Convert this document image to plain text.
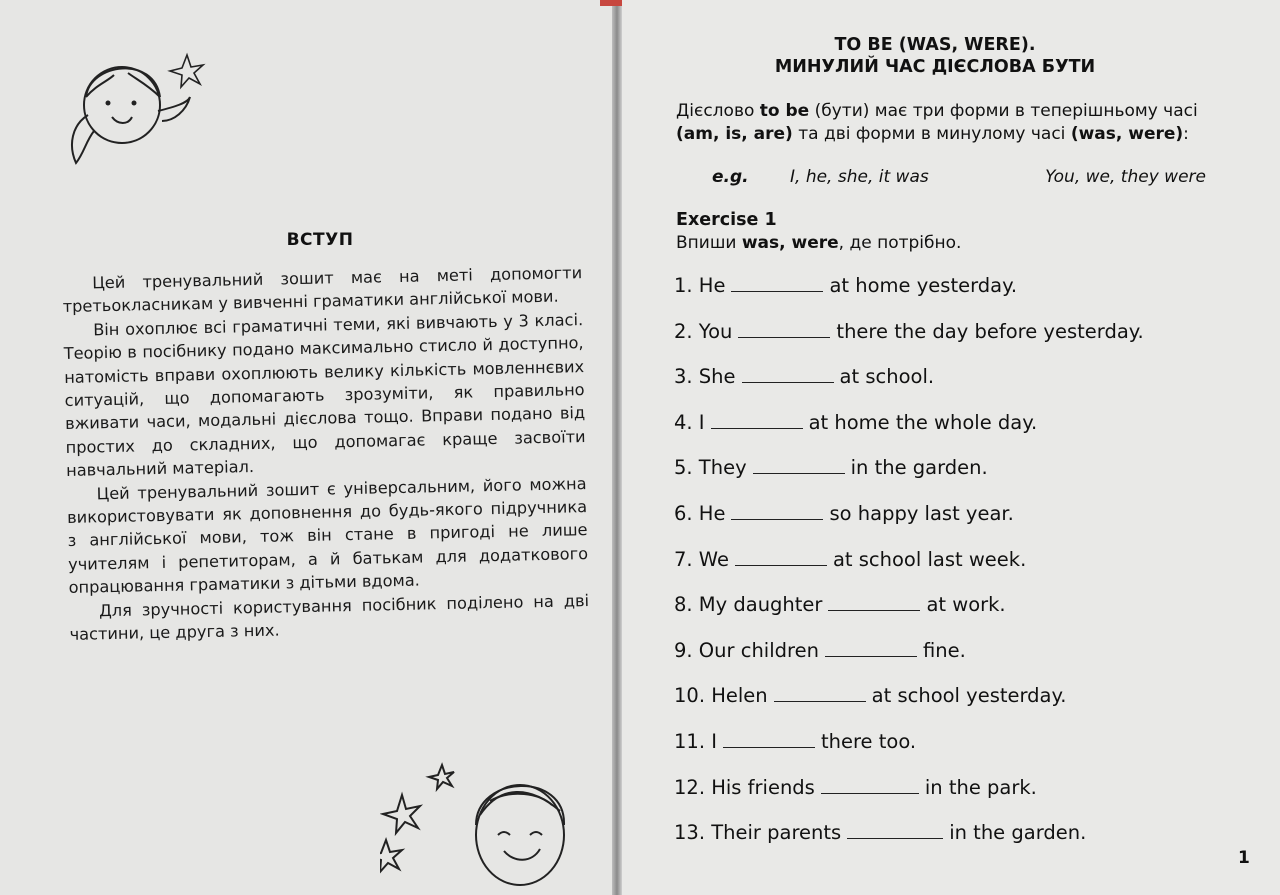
ВСТУП

Цей тренувальний зошит має на меті допомогти третьокласникам у вивченні граматики англійської мови.

Він охоплює всі граматичні теми, які вивчають у 3 класі. Теорію в посібнику подано максимально стисло й доступно, натомість вправи охоплюють велику кількість мовленнєвих ситуацій, що допомагають зрозуміти, як правильно вживати часи, модальні дієслова тощо. Вправи подано від простих до складних, що допомагає краще засвоїти навчальний матеріал.

Цей тренувальний зошит є універсальним, його можна використовувати як доповнення до будь-якого підручника з англійської мови, тож він стане в пригоді не лише учителям і репетиторам, а й батькам для додаткового опрацювання граматики з дітьми вдома.

Для зручності користування посібник поділено на дві частини, це друга з них.

TO BE (WAS, WERE).
МИНУЛИЙ ЧАС ДІЄСЛОВА БУТИ
Дієслово to be (бути) має три форми в теперішньому часі (am, is, are) та дві форми в минулому часі (was, were):
e.g. I, he, she, it was	You, we, they were
Exercise 1
Впиши was, were, де потрібно.
1. He	at home yesterday.
2. You	there the day before yesterday.
3. She	at school.
4. I	at home the whole day.
5. They	in the garden.
6. He	so happy last year.
7. We	at school last week.
8. My daughter	at work.
9. Our children	fine.
10. Helen	at school yesterday.
11. I	there too.
12. His friends	in the park.
13. Their parents	in the garden.
1
